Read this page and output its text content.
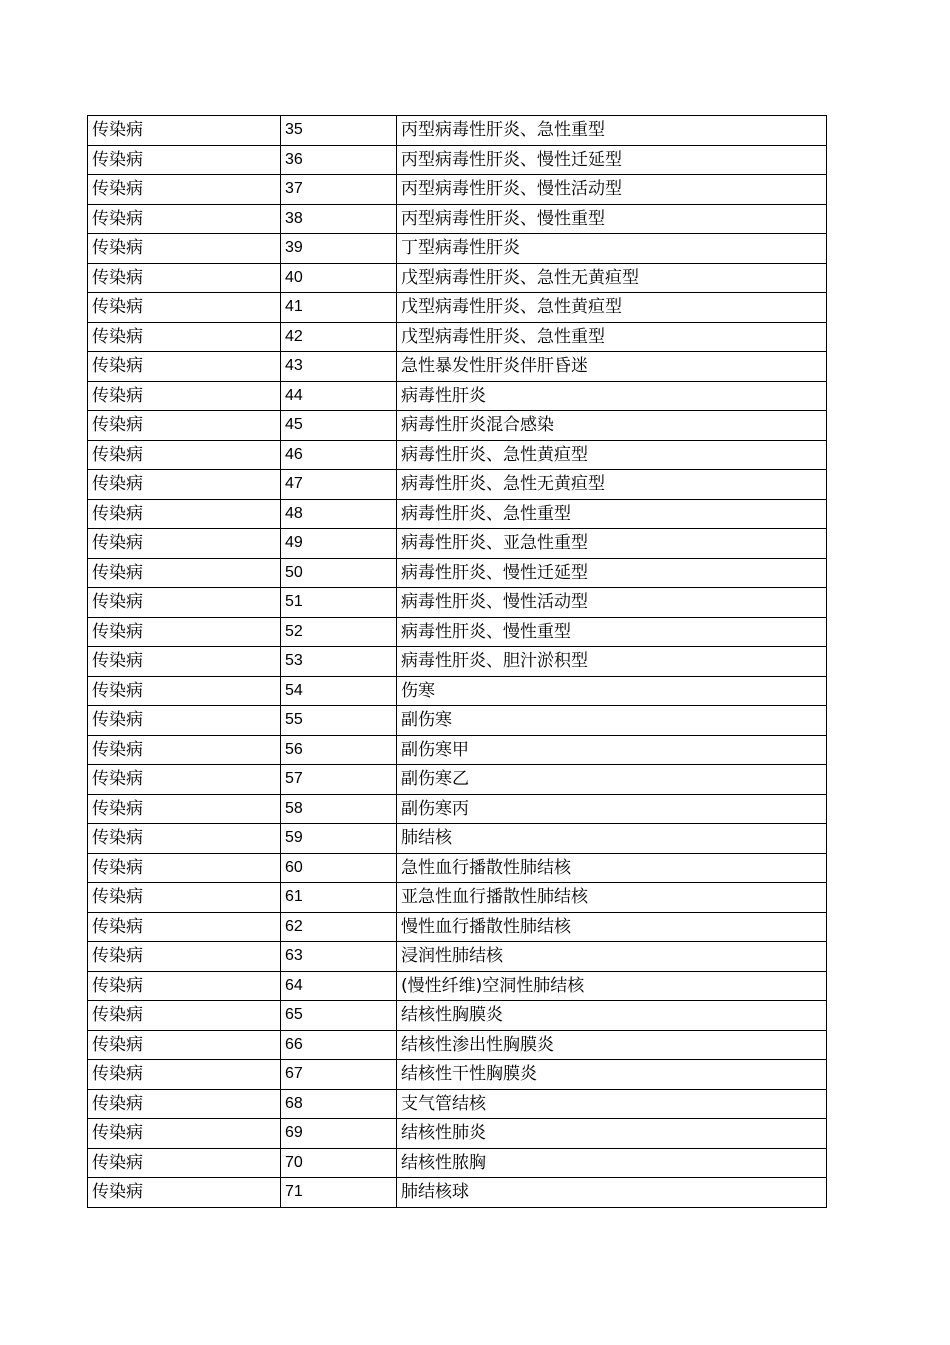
传染病	35	丙型病毒性肝炎、急性重型
传染病	36	丙型病毒性肝炎、慢性迁延型
传染病	37	丙型病毒性肝炎、慢性活动型
传染病	38	丙型病毒性肝炎、慢性重型
传染病	39	丁型病毒性肝炎
传染病	40	戊型病毒性肝炎、急性无黄疸型
传染病	41	戊型病毒性肝炎、急性黄疸型
传染病	42	戊型病毒性肝炎、急性重型
传染病	43	急性暴发性肝炎伴肝昏迷
传染病	44	病毒性肝炎
传染病	45	病毒性肝炎混合感染
传染病	46	病毒性肝炎、急性黄疸型
传染病	47	病毒性肝炎、急性无黄疸型
传染病	48	病毒性肝炎、急性重型
传染病	49	病毒性肝炎、亚急性重型
传染病	50	病毒性肝炎、慢性迁延型
传染病	51	病毒性肝炎、慢性活动型
传染病	52	病毒性肝炎、慢性重型
传染病	53	病毒性肝炎、胆汁淤积型
传染病	54	伤寒
传染病	55	副伤寒
传染病	56	副伤寒甲
传染病	57	副伤寒乙
传染病	58	副伤寒丙
传染病	59	肺结核
传染病	60	急性血行播散性肺结核
传染病	61	亚急性血行播散性肺结核
传染病	62	慢性血行播散性肺结核
传染病	63	浸润性肺结核
传染病	64	(慢性纤维)空洞性肺结核
传染病	65	结核性胸膜炎
传染病	66	结核性渗出性胸膜炎
传染病	67	结核性干性胸膜炎
传染病	68	支气管结核
传染病	69	结核性肺炎
传染病	70	结核性脓胸
传染病	71	肺结核球
